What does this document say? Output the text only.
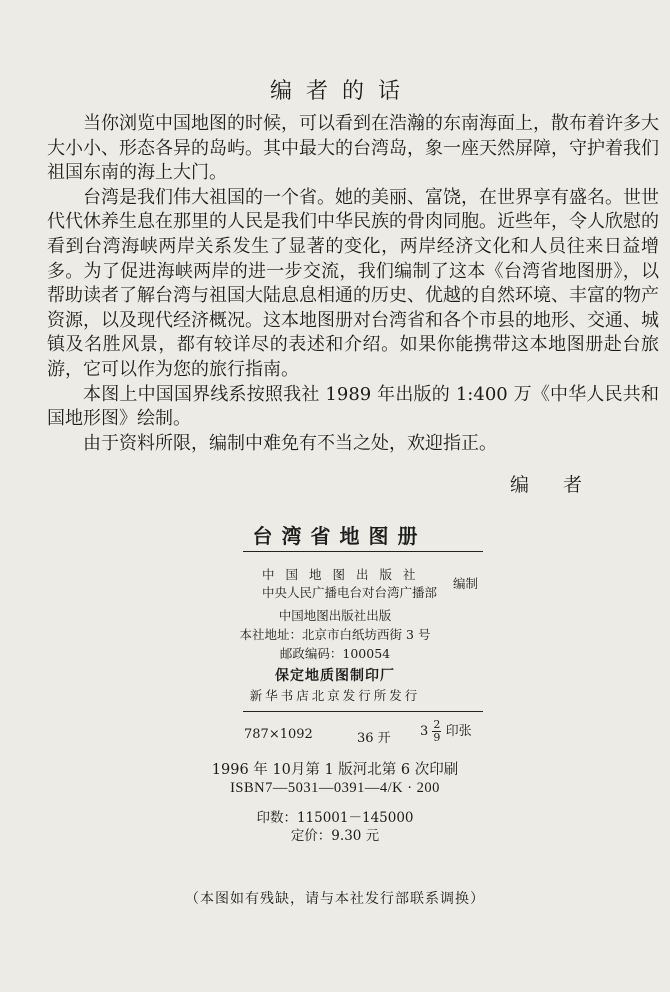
编者的话

当你浏览中国地图的时候，可以看到在浩瀚的东南海面上，散布着许多大大小小、形态各异的岛屿。其中最大的台湾岛，象一座天然屏障，守护着我们祖国东南的海上大门。

台湾是我们伟大祖国的一个省。她的美丽、富饶，在世界享有盛名。世世代代休养生息在那里的人民是我们中华民族的骨肉同胞。近些年，令人欣慰的看到台湾海峡两岸关系发生了显著的变化，两岸经济文化和人员往来日益增多。为了促进海峡两岸的进一步交流，我们编制了这本《台湾省地图册》，以帮助读者了解台湾与祖国大陆息息相通的历史、优越的自然环境、丰富的物产资源，以及现代经济概况。这本地图册对台湾省和各个市县的地形、交通、城镇及名胜风景，都有较详尽的表述和介绍。如果你能携带这本地图册赴台旅游，它可以作为您的旅行指南。

本图上中国国界线系按照我社 1989 年出版的 1:400 万《中华人民共和国地形图》绘制。

由于资料所限，编制中难免有不当之处，欢迎指正。

编者
台湾省地图册
中国地图出版社
中央人民广播电台对台湾广播部
编制
中国地图出版社出版
本社地址：北京市白纸坊西街 3 号
邮政编码：100054
保定地质图制印厂
新华书店北京发行所发行
787×1092	36 开 $3 \frac{2}{9}$ 印张
1996 年 10月第 1 版河北第 6 次印刷
ISBN7—5031—0391—4/K · 200
印数：115001－145000
定价：9.30 元
（本图如有残缺，请与本社发行部联系调换）
